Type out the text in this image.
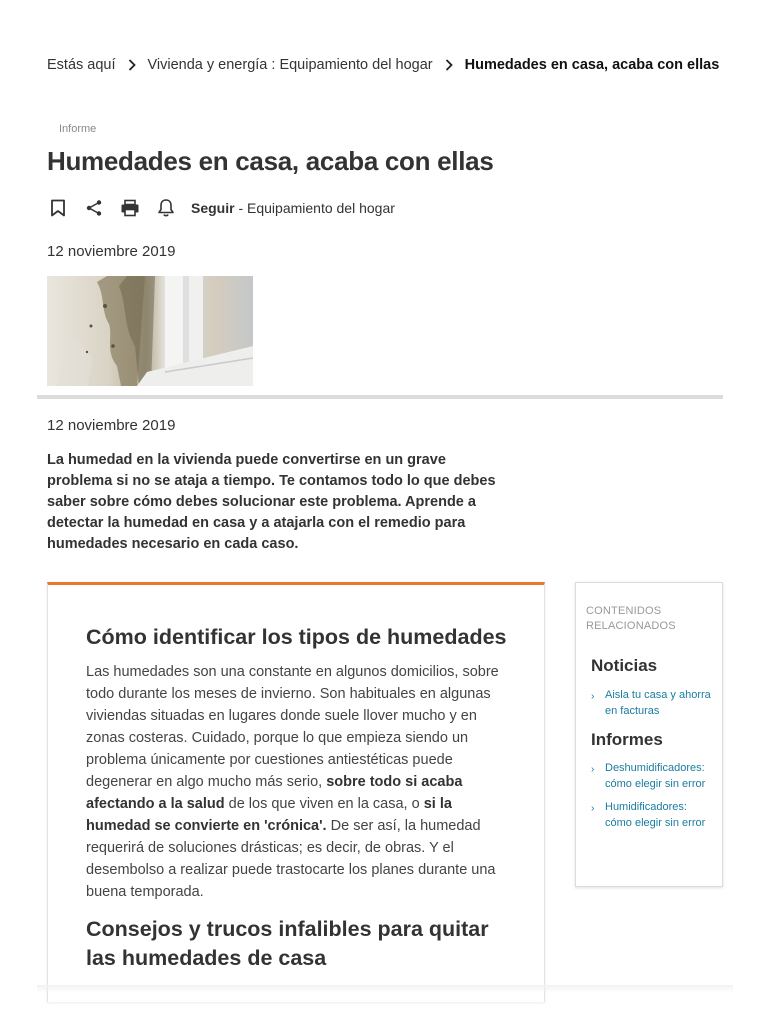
Estás aquí Vivienda y energía : Equipamiento del hogar Humedades en casa, acaba con ellas
Informe
Humedades en casa, acaba con ellas
Seguir
- Equipamiento del hogar
12 noviembre 2019
12 noviembre 2019

La humedad en la vivienda puede convertirse en un grave problema si no se ataja a tiempo. Te contamos todo lo que debes saber sobre cómo debes solucionar este problema. Aprende a detectar la humedad en casa y a atajarla con el remedio para humedades necesario en cada caso.

Cómo identificar los tipos de humedades

Las humedades son una constante en algunos domicilios, sobre todo durante los meses de invierno. Son habituales en algunas viviendas situadas en lugares donde suele llover mucho y en zonas costeras. Cuidado, porque lo que empieza siendo un problema únicamente por cuestiones antiestéticas puede degenerar en algo mucho más serio, sobre todo si acaba afectando a la salud de los que viven en la casa, o si la humedad se convierte en 'crónica'. De ser así, la humedad requerirá de soluciones drásticas; es decir, de obras. Y el desembolso a realizar puede trastocarte los planes durante una buena temporada.

Consejos y trucos infalibles para quitar las humedades de casa
CONTENIDOS RELACIONADOS
Noticias
› Aisla tu casa y ahorra en facturas
Informes
› Deshumidificadores: cómo elegir sin error
› Humidificadores: cómo elegir sin error
